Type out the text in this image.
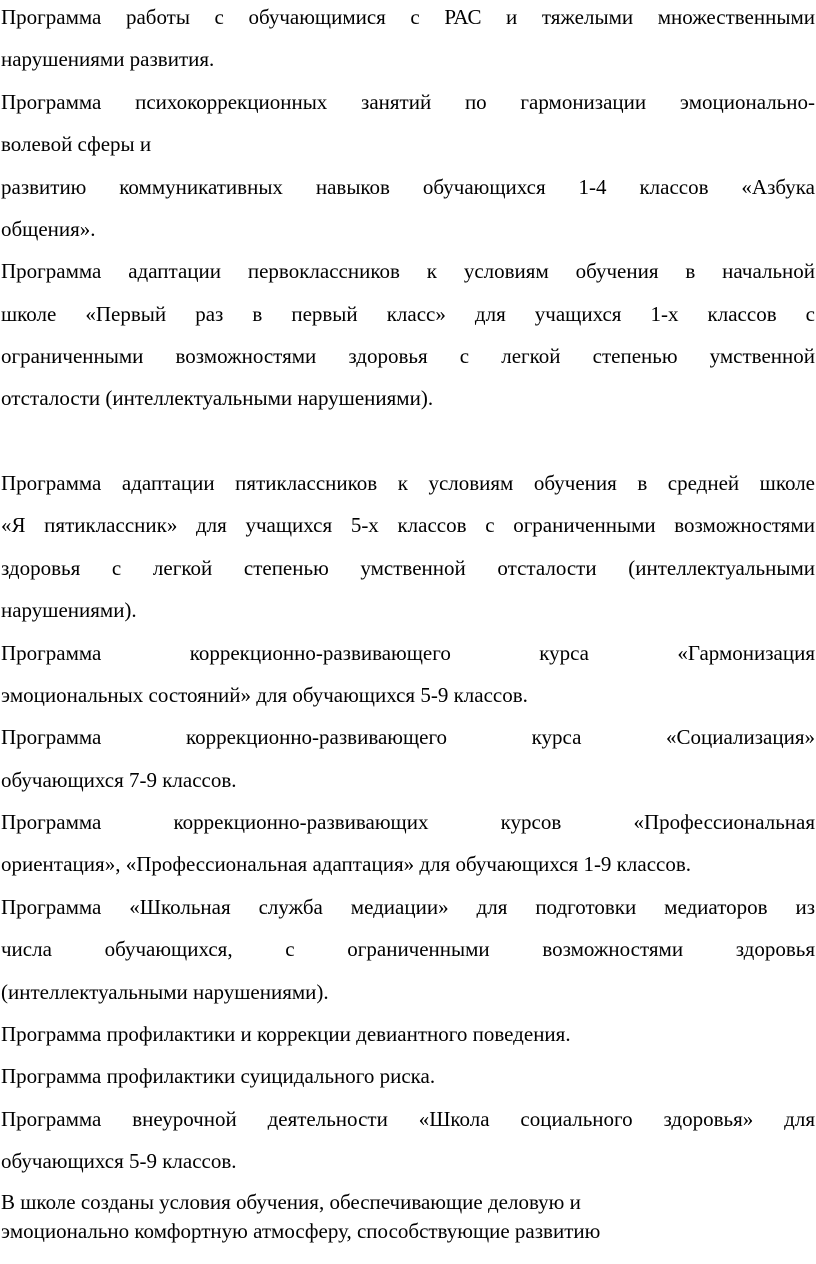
Программа работы с обучающимися с РАС и тяжелыми множественными
нарушениями развития.
Программа психокоррекционных занятий по гармонизации эмоционально-
волевой сферы и
развитию коммуникативных навыков обучающихся 1-4 классов «Азбука
общения».
Программа адаптации первоклассников к условиям обучения в начальной
школе «Первый раз в первый класс» для учащихся 1-х классов с
ограниченными возможностями здоровья с легкой степенью умственной
отсталости (интеллектуальными нарушениями).
Программа адаптации пятиклассников к условиям обучения в средней школе
«Я пятиклассник» для учащихся 5-х классов с ограниченными возможностями
здоровья с легкой степенью умственной отсталости (интеллектуальными
нарушениями).
Программа коррекционно-развивающего курса «Гармонизация
эмоциональных состояний» для обучающихся 5-9 классов.
Программа коррекционно-развивающего курса «Социализация»
обучающихся 7-9 классов.
Программа коррекционно-развивающих курсов «Профессиональная
ориентация», «Профессиональная адаптация» для обучающихся 1-9 классов.
Программа «Школьная служба медиации» для подготовки медиаторов из
числа обучающихся, с ограниченными возможностями здоровья
(интеллектуальными нарушениями).
Программа профилактики и коррекции девиантного поведения.
Программа профилактики суицидального риска.
Программа внеурочной деятельности «Школа социального здоровья» для
обучающихся 5-9 классов.
В школе созданы условия обучения, обеспечивающие деловую и
эмоционально комфортную атмосферу, способствующие развитию
